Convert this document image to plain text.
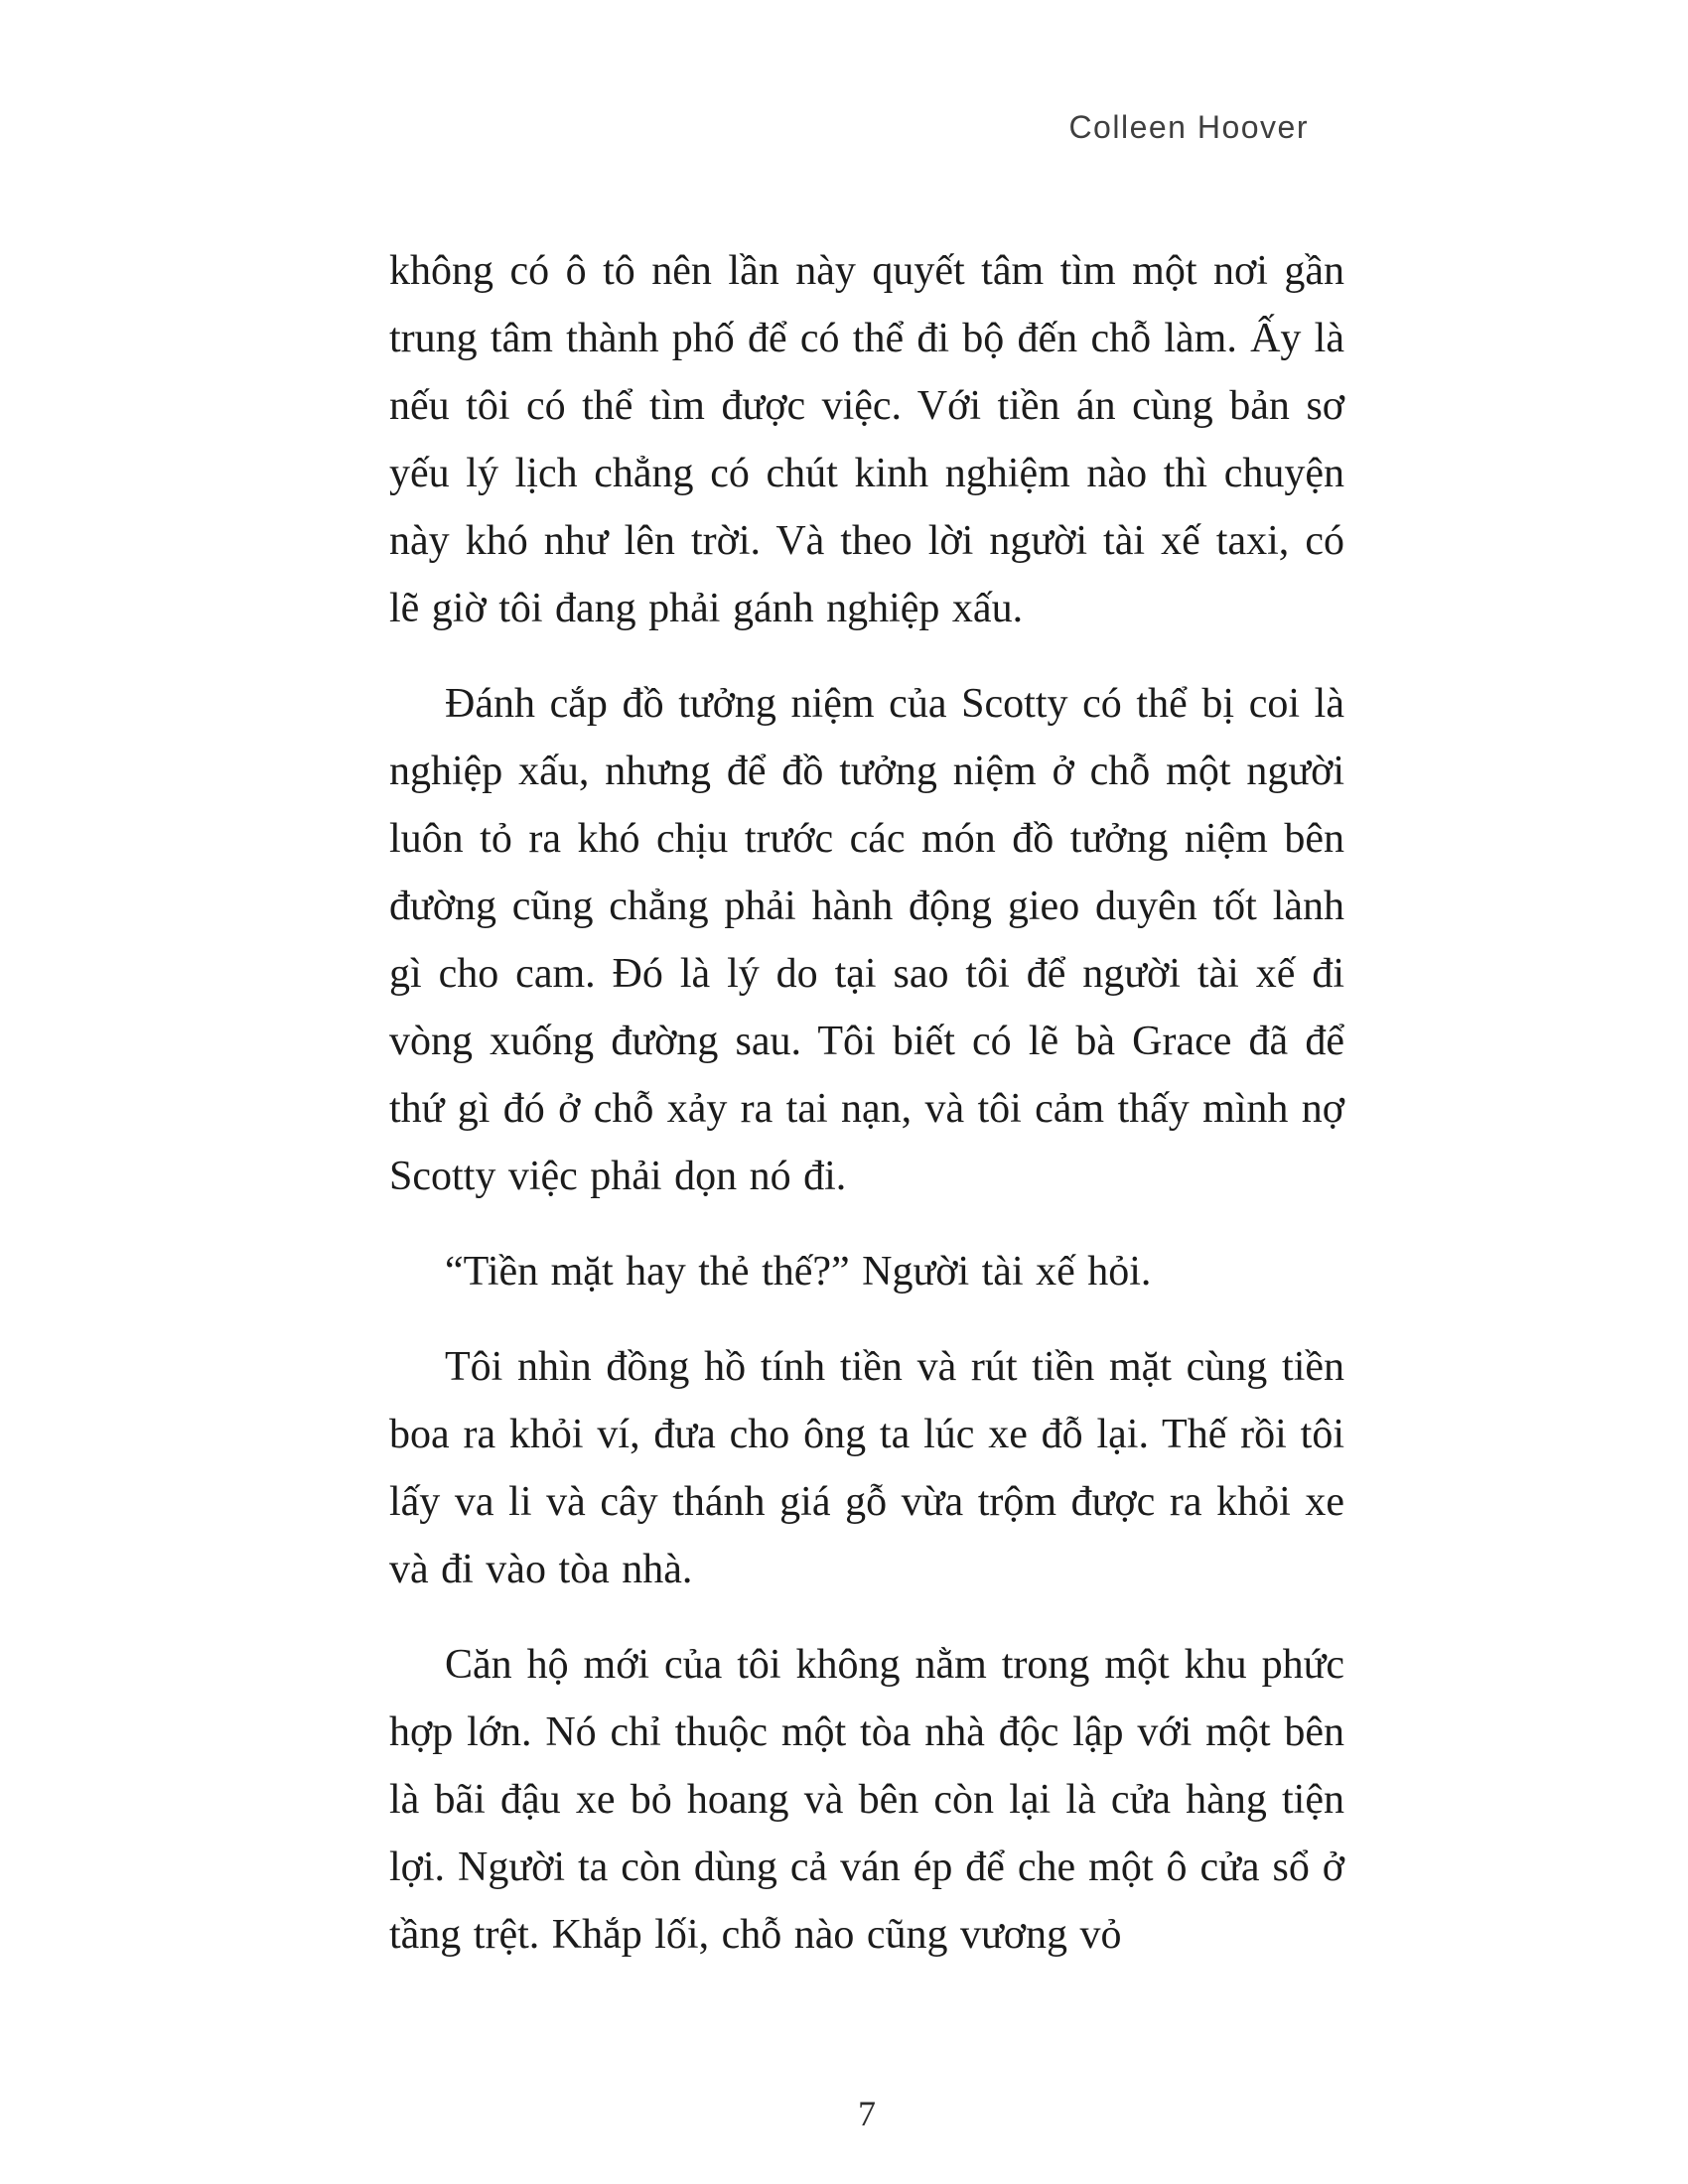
Colleen Hoover

không có ô tô nên lần này quyết tâm tìm một nơi gần trung tâm thành phố để có thể đi bộ đến chỗ làm. Ấy là nếu tôi có thể tìm được việc. Với tiền án cùng bản sơ yếu lý lịch chẳng có chút kinh nghiệm nào thì chuyện này khó như lên trời. Và theo lời người tài xế taxi, có lẽ giờ tôi đang phải gánh nghiệp xấu.

Đánh cắp đồ tưởng niệm của Scotty có thể bị coi là nghiệp xấu, nhưng để đồ tưởng niệm ở chỗ một người luôn tỏ ra khó chịu trước các món đồ tưởng niệm bên đường cũng chẳng phải hành động gieo duyên tốt lành gì cho cam. Đó là lý do tại sao tôi để người tài xế đi vòng xuống đường sau. Tôi biết có lẽ bà Grace đã để thứ gì đó ở chỗ xảy ra tai nạn, và tôi cảm thấy mình nợ Scotty việc phải dọn nó đi.

“Tiền mặt hay thẻ thế?” Người tài xế hỏi.

Tôi nhìn đồng hồ tính tiền và rút tiền mặt cùng tiền boa ra khỏi ví, đưa cho ông ta lúc xe đỗ lại. Thế rồi tôi lấy va li và cây thánh giá gỗ vừa trộm được ra khỏi xe và đi vào tòa nhà.

Căn hộ mới của tôi không nằm trong một khu phức hợp lớn. Nó chỉ thuộc một tòa nhà độc lập với một bên là bãi đậu xe bỏ hoang và bên còn lại là cửa hàng tiện lợi. Người ta còn dùng cả ván ép để che một ô cửa sổ ở tầng trệt. Khắp lối, chỗ nào cũng vương vỏ

7
